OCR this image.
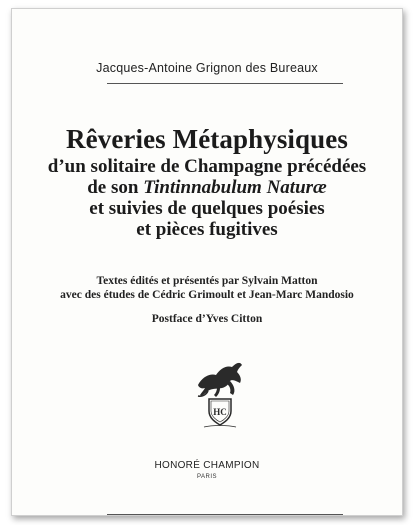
Jacques-Antoine Grignon des Bureaux
Rêveries Métaphysiques
d’un solitaire de Champagne précédées
de son Tintinnabulum Naturæ
et suivies de quelques poésies
et pièces fugitives
Textes édités et présentés par Sylvain Matton
avec des études de Cédric Grimoult et Jean-Marc Mandosio
Postface d’Yves Citton
HC
HONORÉ CHAMPION
PARIS
